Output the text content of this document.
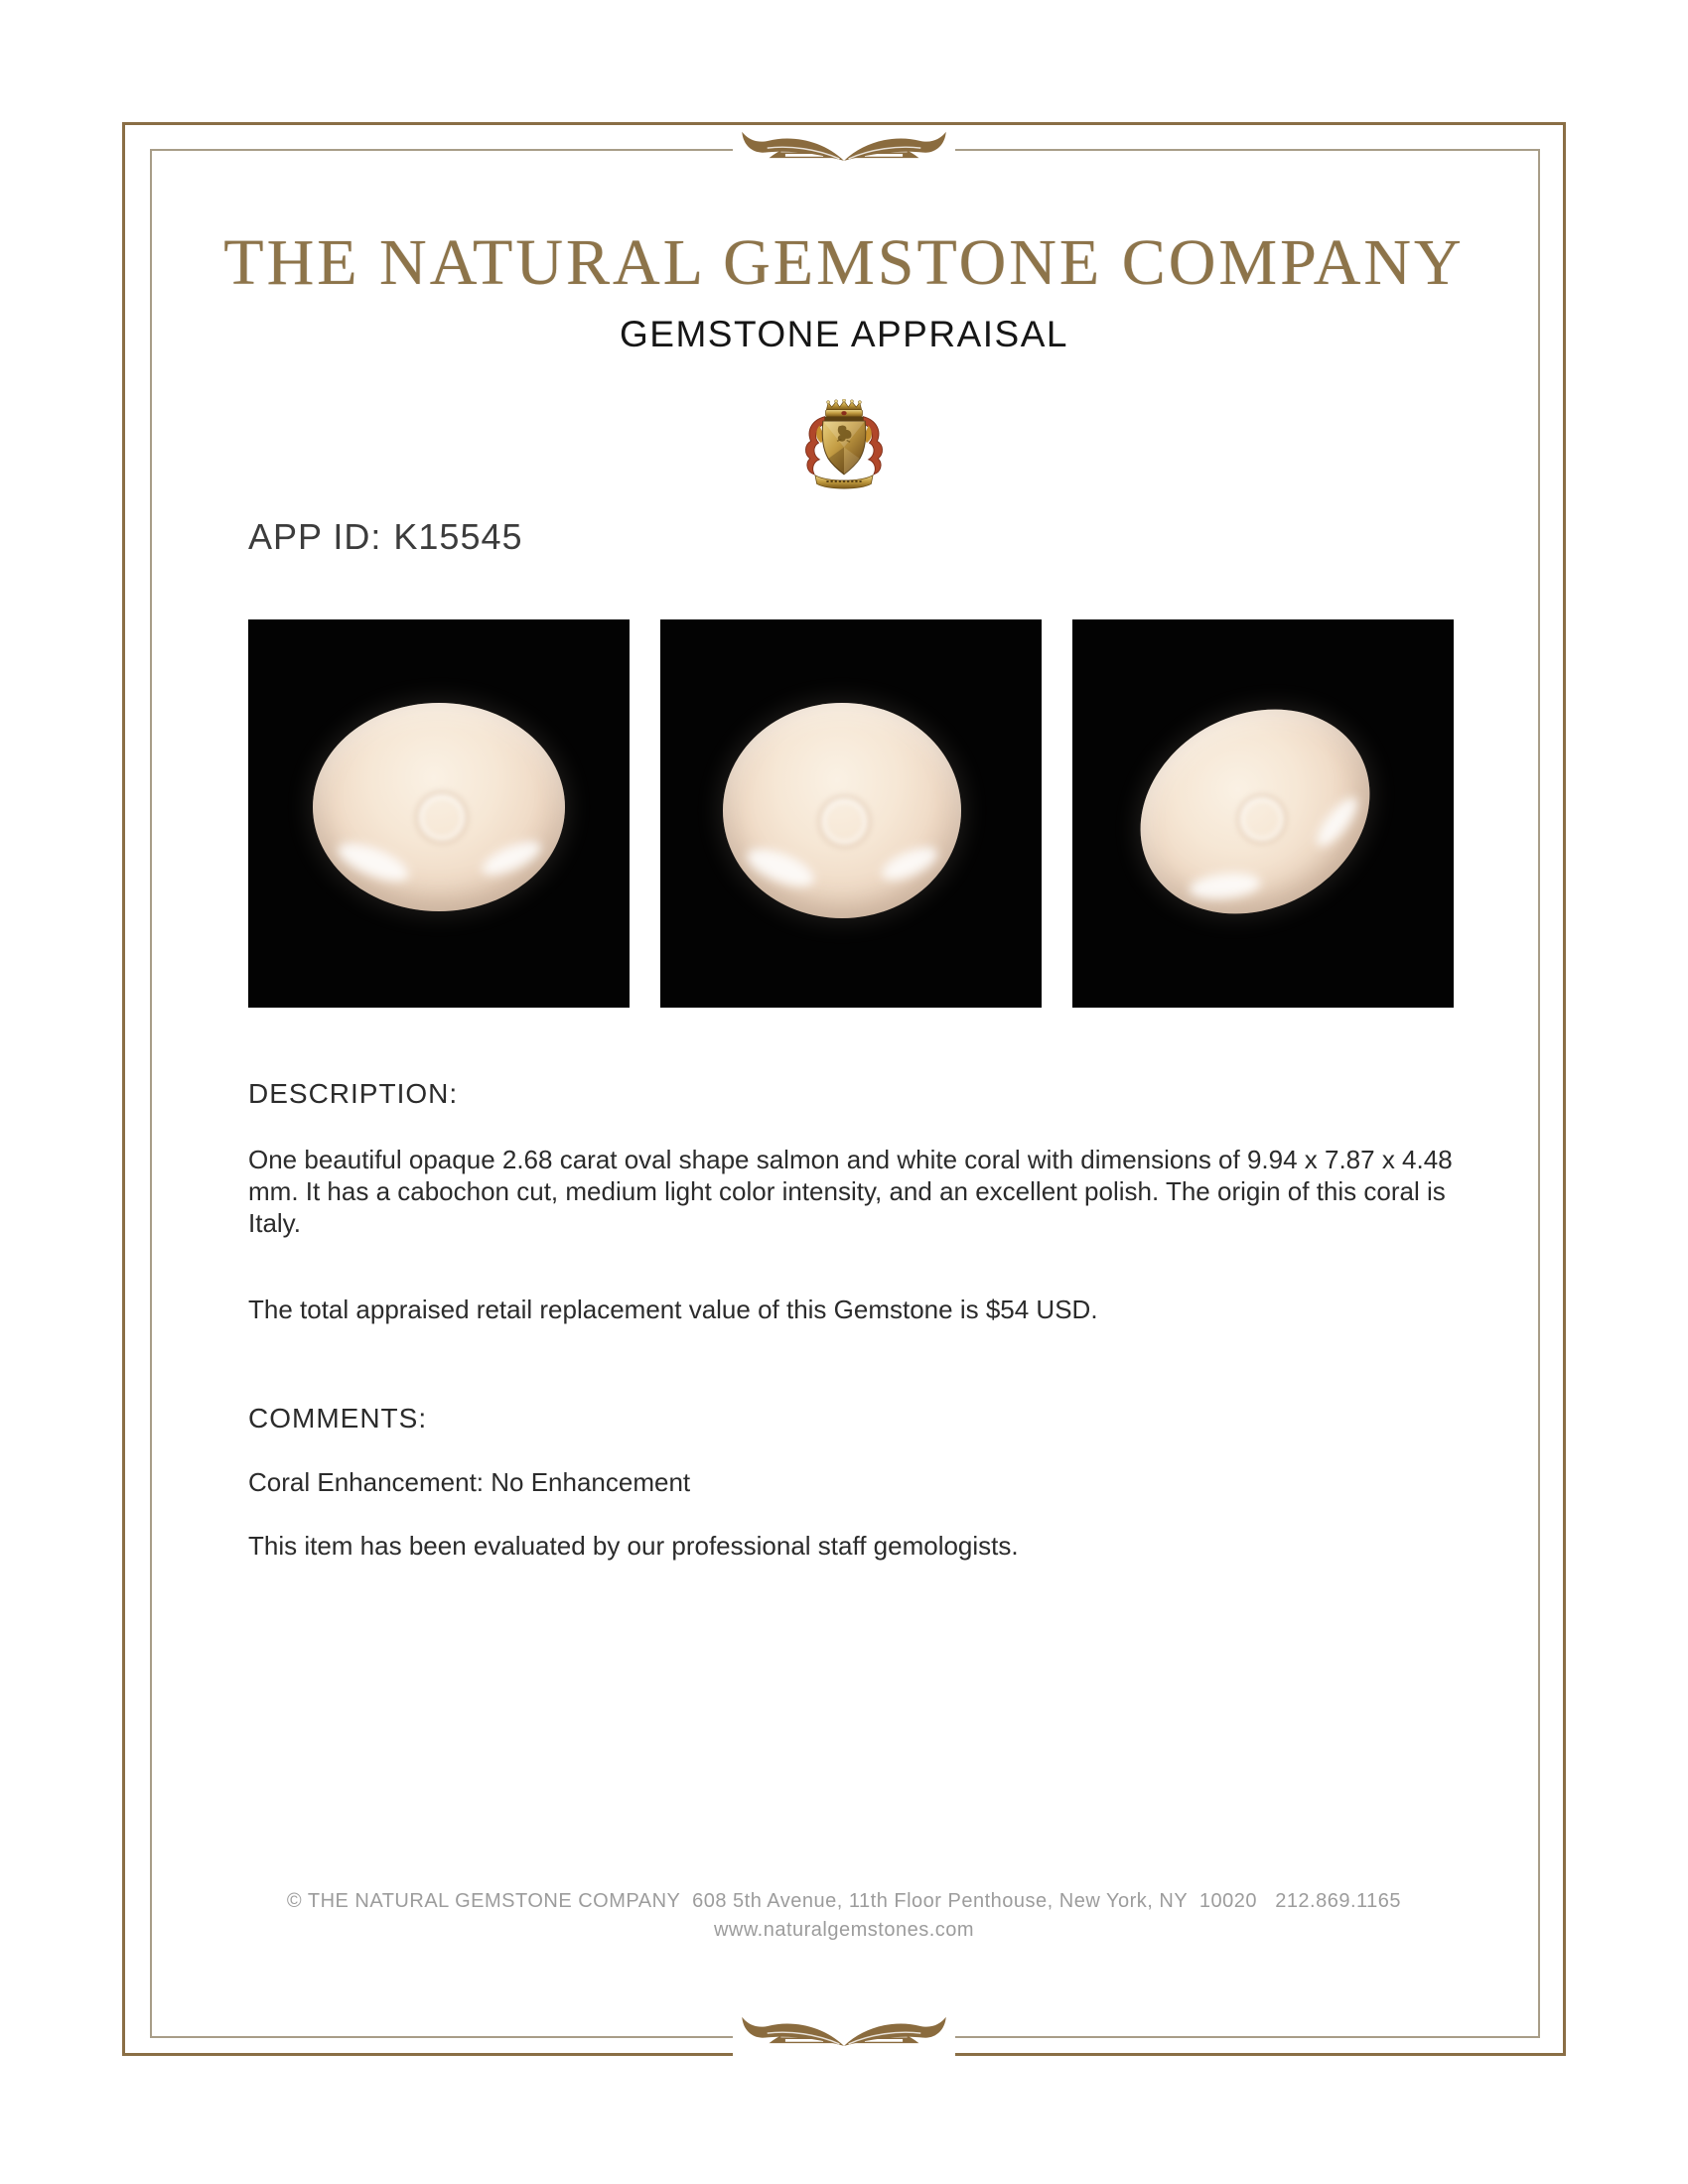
THE NATURAL GEMSTONE COMPANY
GEMSTONE APPRAISAL
APP ID: K15545
DESCRIPTION:
One beautiful opaque 2.68 carat oval shape salmon and white coral with dimensions of 9.94 x 7.87 x 4.48 mm. It has a cabochon cut, medium light color intensity, and an excellent polish. The origin of this coral is Italy.
The total appraised retail replacement value of this Gemstone is $54 USD.
COMMENTS:
Coral Enhancement: No Enhancement
This item has been evaluated by our professional staff gemologists.
© THE NATURAL GEMSTONE COMPANY  608 5th Avenue, 11th Floor Penthouse, New York, NY  10020   212.869.1165
www.naturalgemstones.com
